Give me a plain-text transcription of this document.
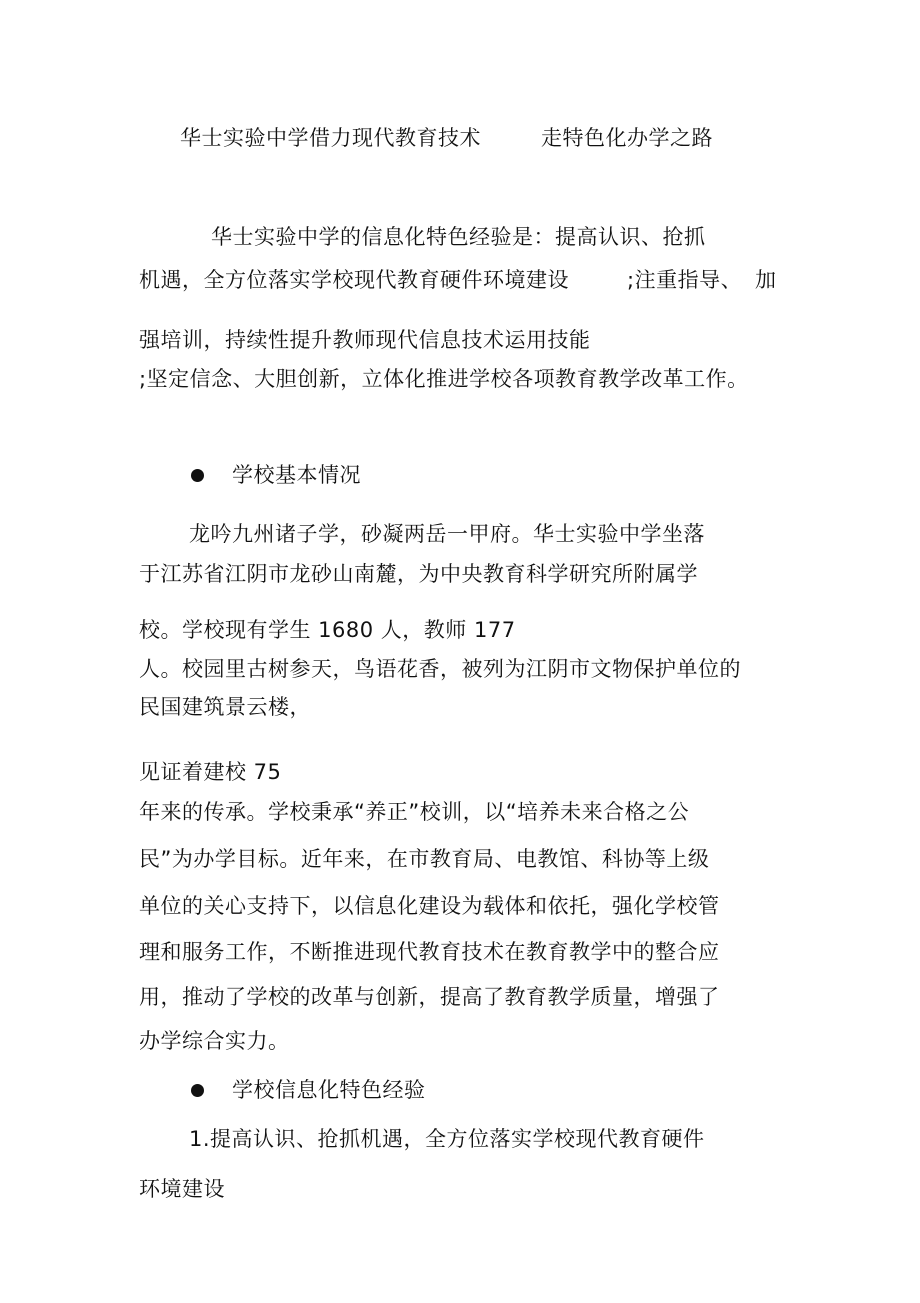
华士实验中学借力现代教育技术	走特色化办学之路
华士实验中学的信息化特色经验是：提高认识、抢抓
机遇，全方位落实学校现代教育硬件环境建设	;注重指导、 加
强培训，持续性提升教师现代信息技术运用技能
;坚定信念、大胆创新，立体化推进学校各项教育教学改革工作。
学校基本情况
龙吟九州诸子学，砂凝两岳一甲府。华士实验中学坐落
于江苏省江阴市龙砂山南麓，为中央教育科学研究所附属学
校。学校现有学生 1680 人，教师 177
人。校园里古树参天，鸟语花香，被列为江阴市文物保护单位的
民国建筑景云楼，
见证着建校 75
年来的传承。学校秉承“养正”校训，以“培养未来合格之公
民”为办学目标。近年来，在市教育局、电教馆、科协等上级
单位的关心支持下，以信息化建设为载体和依托，强化学校管
理和服务工作，不断推进现代教育技术在教育教学中的整合应
用，推动了学校的改革与创新，提高了教育教学质量，增强了
办学综合实力。
学校信息化特色经验
1.提高认识、抢抓机遇，全方位落实学校现代教育硬件
环境建设
